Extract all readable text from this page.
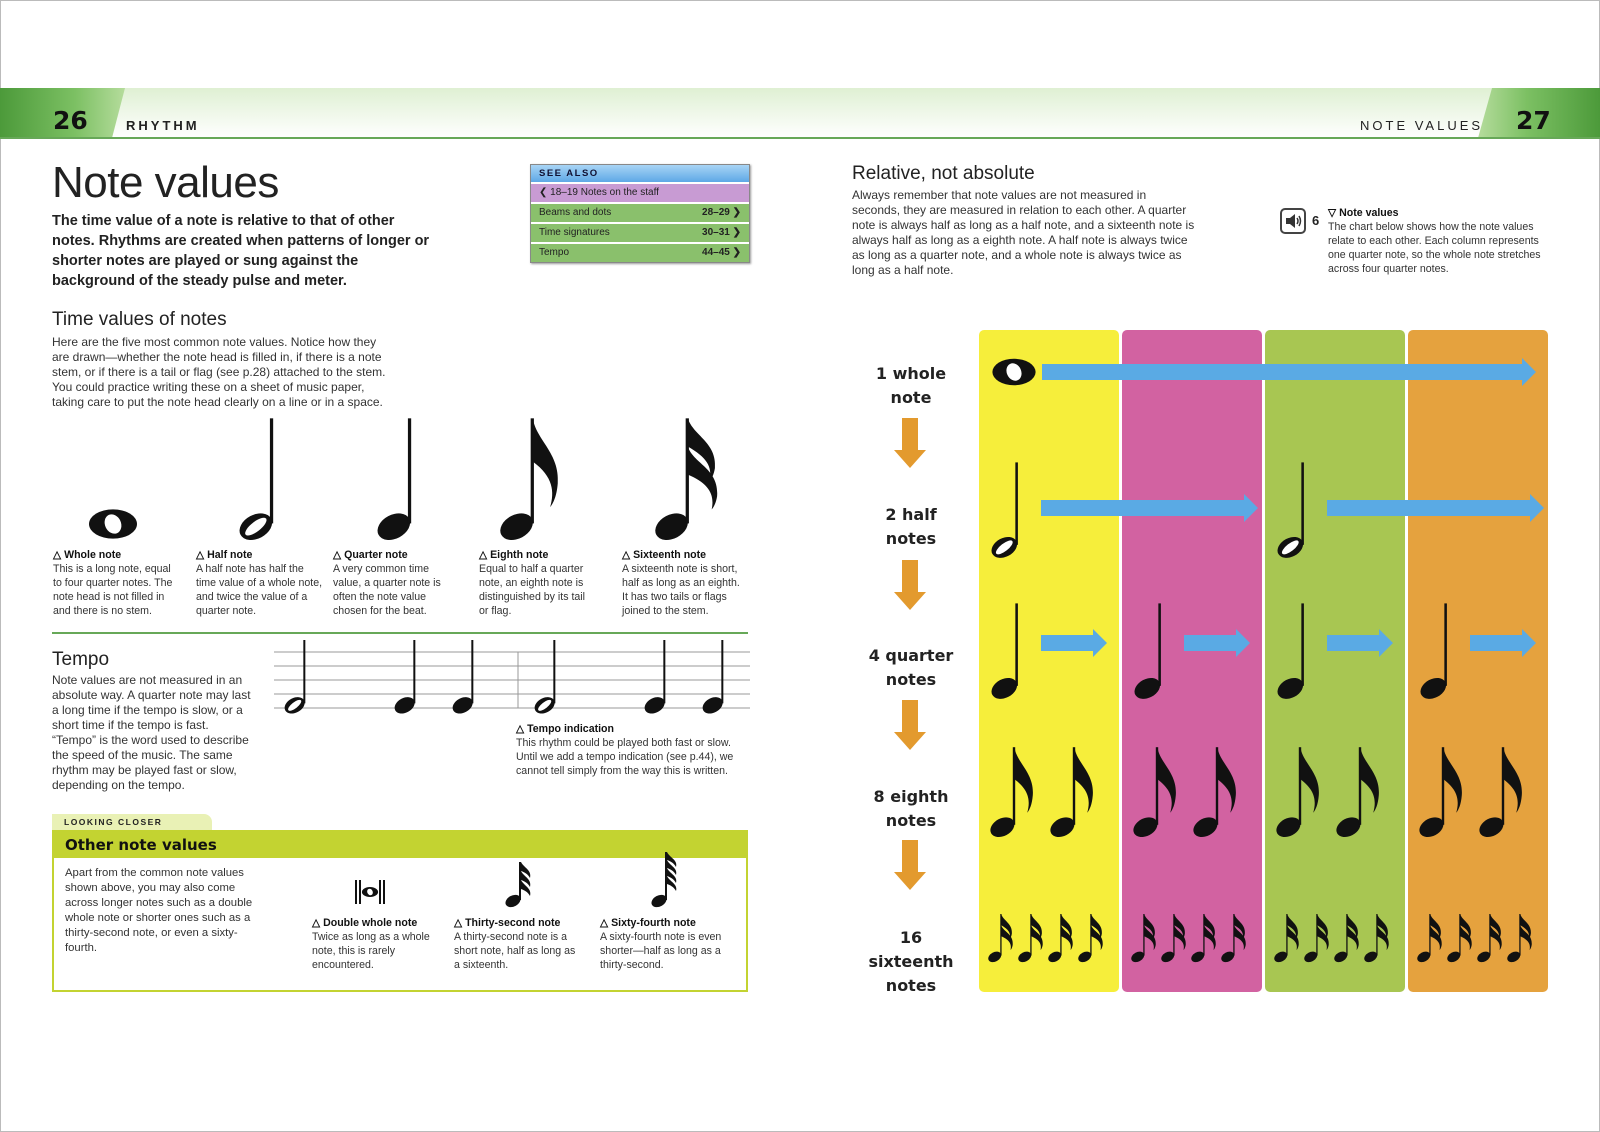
26	RHYTHM	NOTE VALUES 27
Note values
The time value of a note is relative to that of other notes. Rhythms are created when patterns of longer or shorter notes are played or sung against the background of the steady pulse and meter.
SEE ALSO
❮ 18–19 Notes on the staff
Beams and dots	28–29 ❯
Time signatures	30–31 ❯
Tempo	44–45 ❯
Time values of notes
Here are the five most common note values. Notice how they are drawn—whether the note head is filled in, if there is a note stem, or if there is a tail or flag (see p.28) attached to the stem. You could practice writing these on a sheet of music paper, taking care to put the note head clearly on a line or in a space.
△ Whole note
This is a long note, equal to four quarter notes. The note head is not filled in and there is no stem.
△ Half note
A half note has half the time value of a whole note, and twice the value of a quarter note.
△ Quarter note
A very common time value, a quarter note is often the note value chosen for the beat.
△ Eighth note
Equal to half a quarter note, an eighth note is distinguished by its tail or flag.
△ Sixteenth note
A sixteenth note is short, half as long as an eighth. It has two tails or flags joined to the stem.
Tempo
Note values are not measured in an absolute way. A quarter note may last a long time if the tempo is slow, or a short time if the tempo is fast. “Tempo” is the word used to describe the speed of the music. The same rhythm may be played fast or slow, depending on the tempo.
△ Tempo indication
This rhythm could be played both fast or slow. Until we add a tempo indication (see p.44), we cannot tell simply from the way this is written.
LOOKING CLOSER
Other note values
Apart from the common note values shown above, you may also come across longer notes such as a double whole note or shorter ones such as a thirty-second note, or even a sixty-fourth.
△ Double whole note
Twice as long as a whole note, this is rarely encountered.
△ Thirty-second note
A thirty-second note is a short note, half as long as a sixteenth.
△ Sixty-fourth note
A sixty-fourth note is even shorter—half as long as a thirty-second.
Relative, not absolute
Always remember that note values are not measured in seconds, they are measured in relation to each other. A quarter note is always half as long as a half note, and a sixteenth note is always half as long as a eighth note. A half note is always twice as long as a quarter note, and a whole note is always twice as long as a half note.
6 ▽ Note values
The chart below shows how the note values relate to each other. Each column represents one quarter note, so the whole note stretches across four quarter notes.
1 whole
note
2 half
notes
4 quarter
notes
8 eighth
notes
16 sixteenth
notes
